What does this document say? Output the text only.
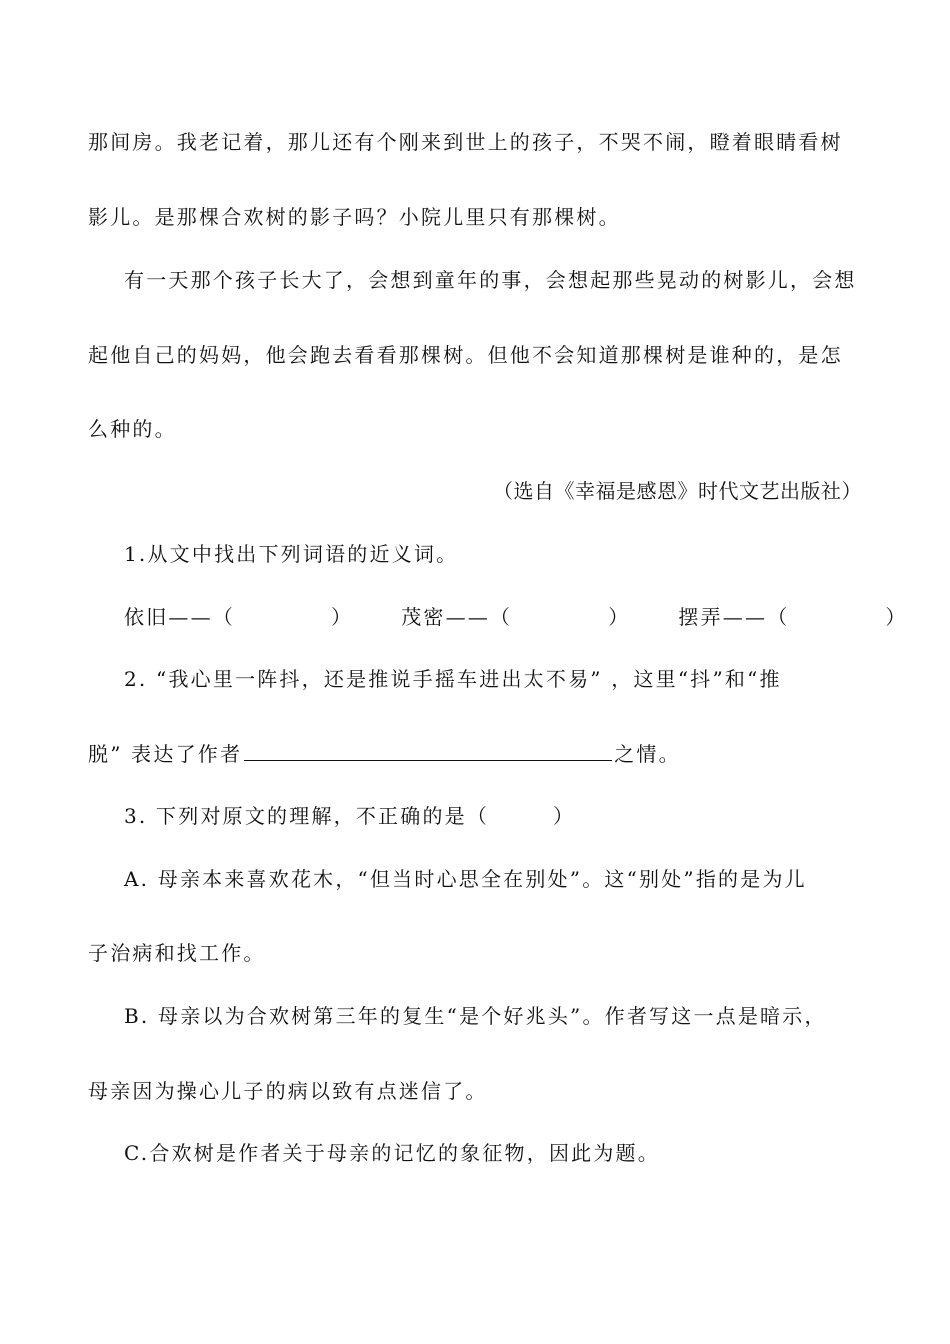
那间房。我老记着，那儿还有个刚来到世上的孩子，不哭不闹，瞪着眼睛看树
影儿。是那棵合欢树的影子吗？小院儿里只有那棵树。
有一天那个孩子长大了，会想到童年的事，会想起那些晃动的树影儿，会想
起他自己的妈妈，他会跑去看看那棵树。但他不会知道那棵树是谁种的，是怎
么种的。
（选自《幸福是感恩》时代文艺出版社）
1.从文中找出下列词语的近义词。
依旧——（	） 茂密——（	） 摆弄——（	）
2. “我心里一阵抖，还是推说手摇车进出太不易” ，这里“抖”和“推
脱” 表达了作者	之情。
3. 下列对原文的理解，不正确的是（	）
A. 母亲本来喜欢花木，“但当时心思全在别处”。这“别处”指的是为儿
子治病和找工作。
B. 母亲以为合欢树第三年的复生“是个好兆头”。作者写这一点是暗示，
母亲因为操心儿子的病以致有点迷信了。
C.合欢树是作者关于母亲的记忆的象征物，因此为题。
